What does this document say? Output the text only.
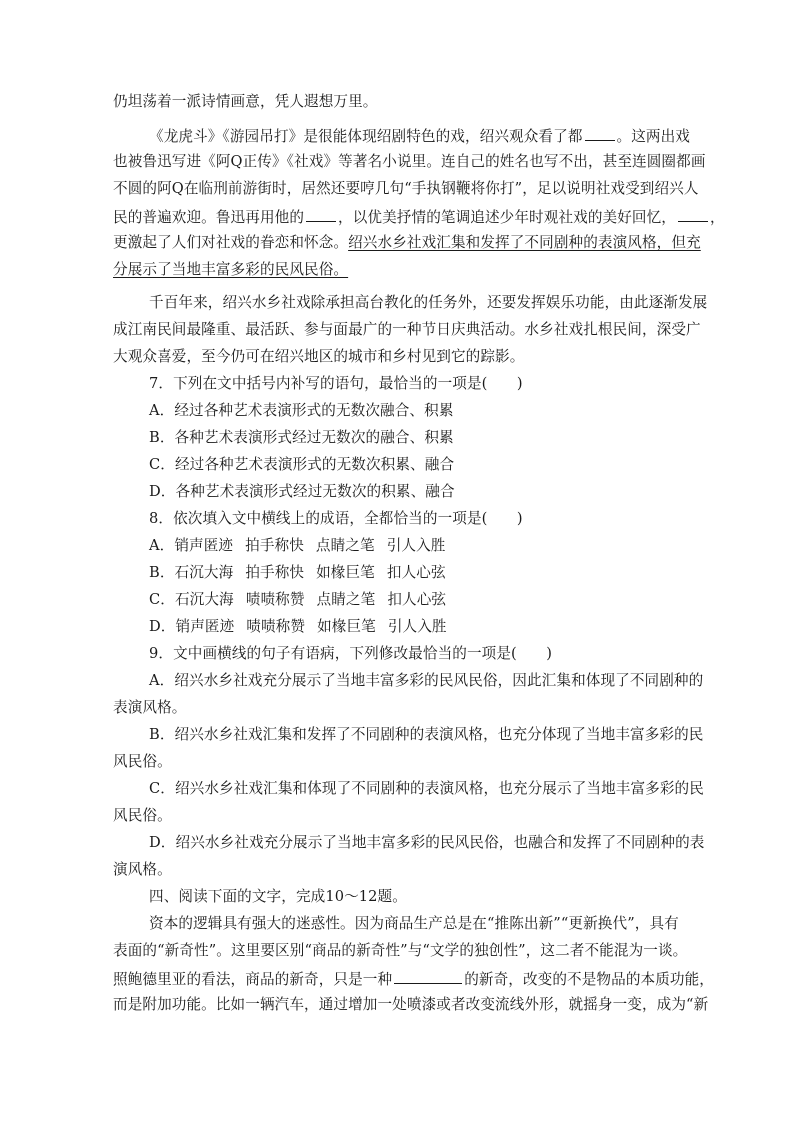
仍坦荡着一派诗情画意，凭人遐想万里。
《龙虎斗》《游园吊打》是很能体现绍剧特色的戏，绍兴观众看了都 。这两出戏
也被鲁迅写进《阿Q正传》《社戏》等著名小说里。连自己的姓名也写不出，甚至连圆圈都画
不圆的阿Q在临刑前游街时，居然还要哼几句“手执钢鞭将你打”，足以说明社戏受到绍兴人
民的普遍欢迎。鲁迅再用他的 ，以优美抒情的笔调追述少年时观社戏的美好回忆， ，
更激起了人们对社戏的眷恋和怀念。绍兴水乡社戏汇集和发挥了不同剧种的表演风格，但充
分展示了当地丰富多彩的民风民俗。
千百年来，绍兴水乡社戏除承担高台教化的任务外，还要发挥娱乐功能，由此逐渐发展
成江南民间最隆重、最活跃、参与面最广的一种节日庆典活动。水乡社戏扎根民间，深受广
大观众喜爱，至今仍可在绍兴地区的城市和乡村见到它的踪影。
7．下列在文中括号内补写的语句，最恰当的一项是(　　)
A．经过各种艺术表演形式的无数次融合、积累
B．各种艺术表演形式经过无数次的融合、积累
C．经过各种艺术表演形式的无数次积累、融合
D．各种艺术表演形式经过无数次的积累、融合
8．依次填入文中横线上的成语，全都恰当的一项是(　　)
A．销声匿迹 拍手称快 点睛之笔 引人入胜
B．石沉大海 拍手称快 如椽巨笔 扣人心弦
C．石沉大海 啧啧称赞 点睛之笔 扣人心弦
D．销声匿迹 啧啧称赞 如椽巨笔 引人入胜
9．文中画横线的句子有语病，下列修改最恰当的一项是(　　)
A．绍兴水乡社戏充分展示了当地丰富多彩的民风民俗，因此汇集和体现了不同剧种的
表演风格。
B．绍兴水乡社戏汇集和发挥了不同剧种的表演风格，也充分体现了当地丰富多彩的民
风民俗。
C．绍兴水乡社戏汇集和体现了不同剧种的表演风格，也充分展示了当地丰富多彩的民
风民俗。
D．绍兴水乡社戏充分展示了当地丰富多彩的民风民俗，也融合和发挥了不同剧种的表
演风格。
四、阅读下面的文字，完成10～12题。
资本的逻辑具有强大的迷惑性。因为商品生产总是在“推陈出新”“更新换代”，具有
表面的“新奇性”。这里要区别“商品的新奇性”与“文学的独创性”，这二者不能混为一谈。
照鲍德里亚的看法，商品的新奇，只是一种	的新奇，改变的不是物品的本质功能，
而是附加功能。比如一辆汽车，通过增加一处喷漆或者改变流线外形，就摇身一变，成为“新
